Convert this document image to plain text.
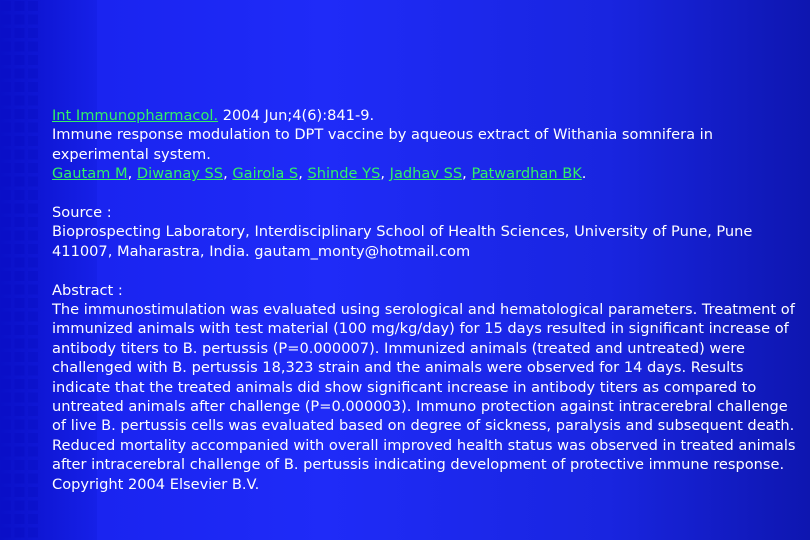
Int Immunopharmacol. 2004 Jun;4(6):841-9.

Immune response modulation to DPT vaccine by aqueous extract of Withania somnifera in experimental system.

Gautam M, Diwanay SS, Gairola S, Shinde YS, Jadhav SS, Patwardhan BK.

Source :

Bioprospecting Laboratory, Interdisciplinary School of Health Sciences, University of Pune, Pune 411007, Maharastra, India. gautam_monty@hotmail.com

Abstract :

The immunostimulation was evaluated using serological and hematological parameters. Treatment of immunized animals with test material (100 mg/kg/day) for 15 days resulted in significant increase of antibody titers to B. pertussis (P=0.000007). Immunized animals (treated and untreated) were challenged with B. pertussis 18,323 strain and the animals were observed for 14 days. Results indicate that the treated animals did show significant increase in antibody titers as compared to untreated animals after challenge (P=0.000003). Immuno protection against intracerebral challenge of live B. pertussis cells was evaluated based on degree of sickness, paralysis and subsequent death. Reduced mortality accompanied with overall improved health status was observed in treated animals after intracerebral challenge of B. pertussis indicating development of protective immune response. Copyright 2004 Elsevier B.V.
